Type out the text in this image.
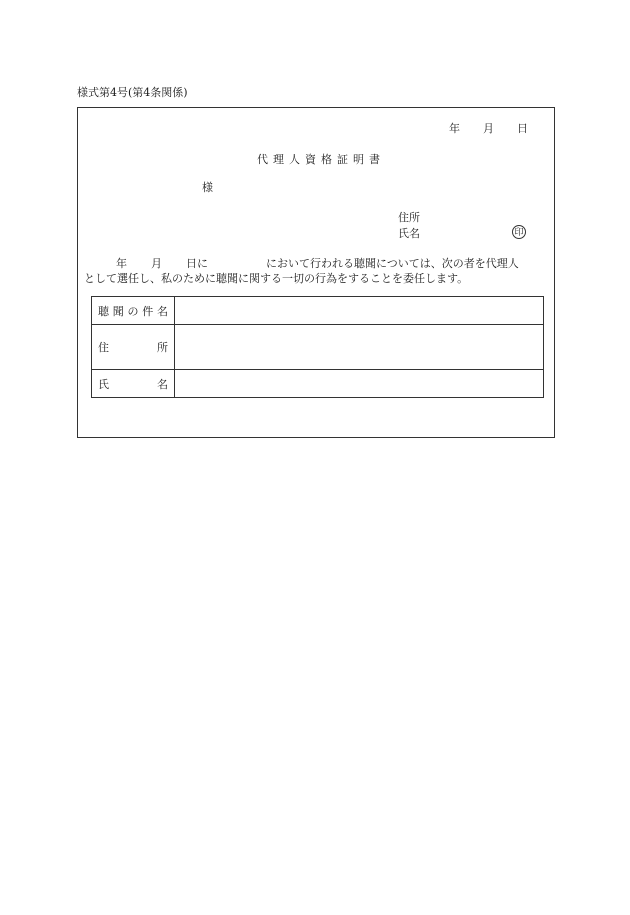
様式第4号(第4条関係)
年 月 日
代理人資格証明書
様
住所
氏名	印
年 月 日に	において行われる聴聞については、次の者を代理人
として選任し、私のために聴聞に関する一切の行為をすることを委任します。
聴 聞 の 件 名	

住 所	

氏 名	
